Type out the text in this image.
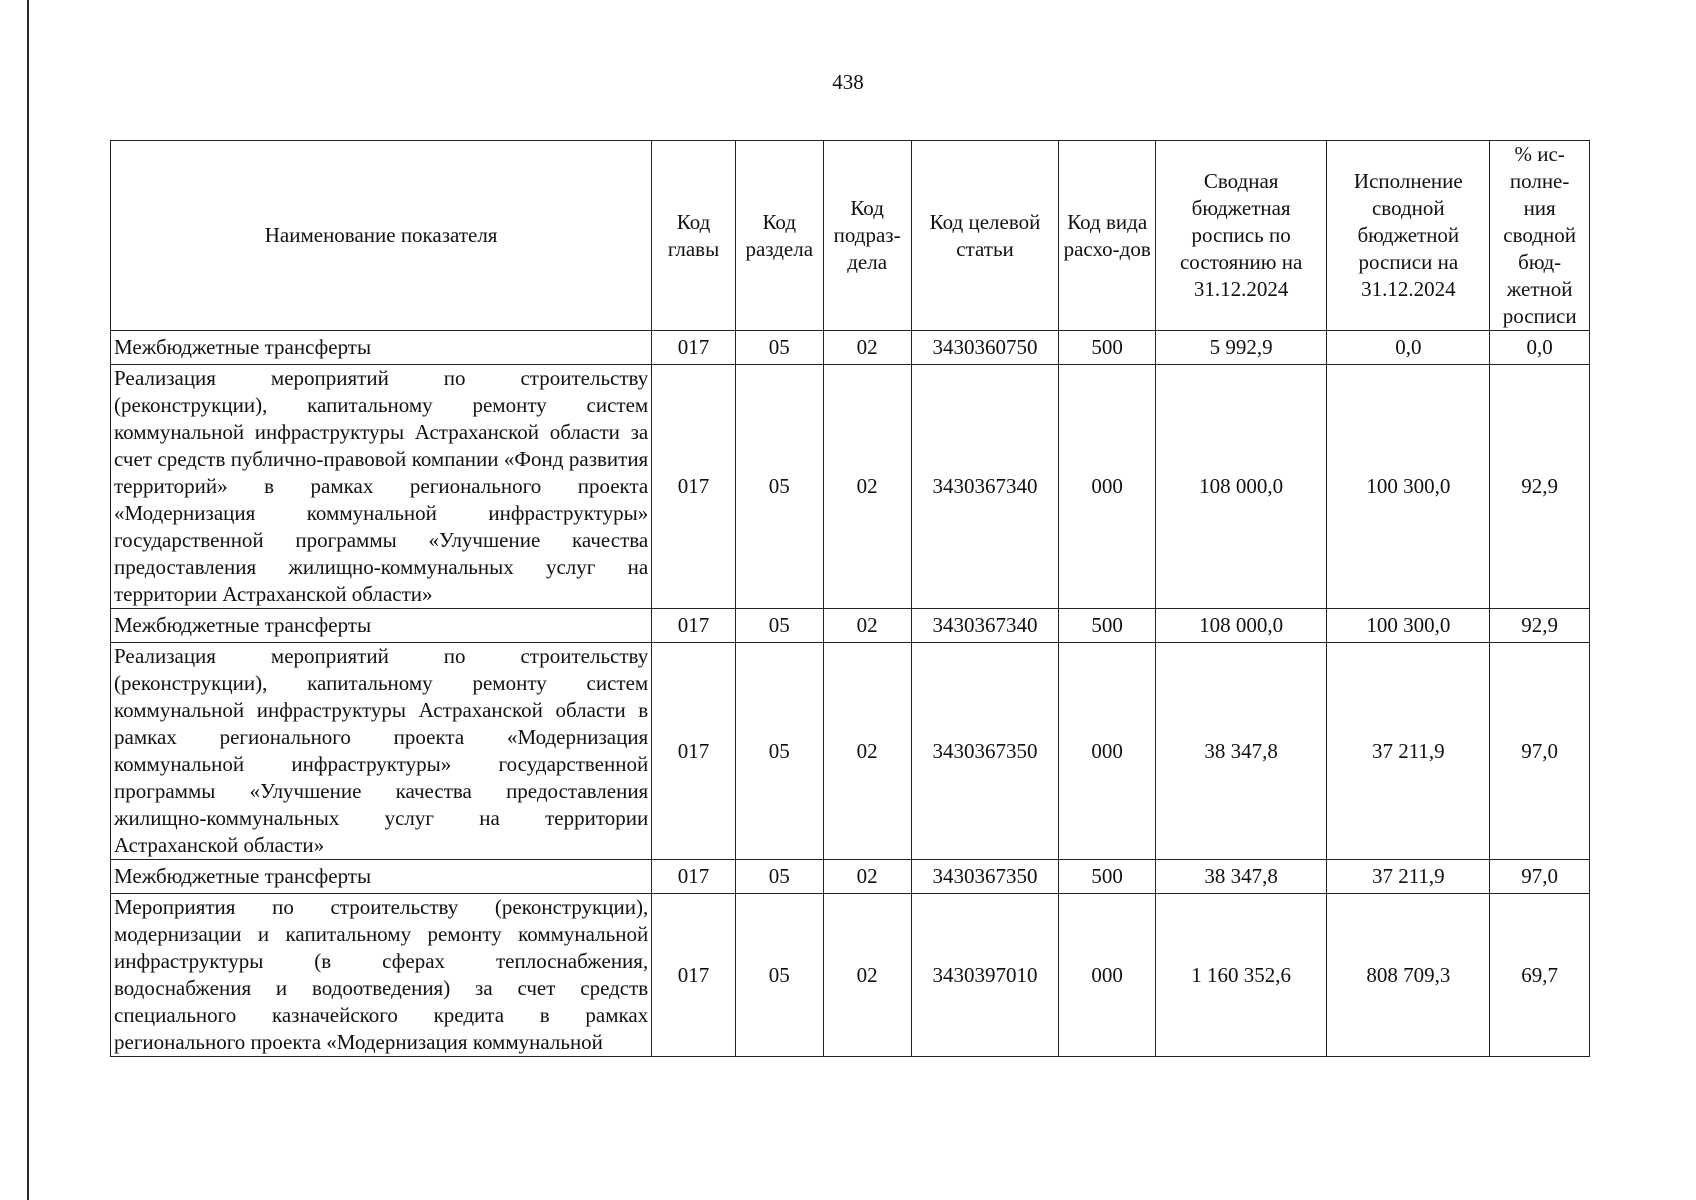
438
Наименование показателя	Код главы	Код раздела	Код подраз-дела	Код целевой статьи	Код вида расхо-дов	Сводная бюджетная роспись по состоянию на 31.12.2024	Исполнение сводной бюджетной росписи на 31.12.2024	% ис-полне-ния сводной бюд-жетной росписи
Межбюджетные трансферты	017	05	02	3430360750	500	5 992,9	0,0	0,0
Реализация мероприятий по строительству (реконструкции), капитальному ремонту систем коммунальной инфраструктуры Астраханской области за счет средств публично-правовой компании «Фонд развития территорий» в рамках регионального проекта «Модернизация коммунальной инфраструктуры» государственной программы «Улучшение качества предоставления жилищно-коммунальных услуг на территории Астраханской области»	017	05	02	3430367340	000	108 000,0	100 300,0	92,9
Межбюджетные трансферты	017	05	02	3430367340	500	108 000,0	100 300,0	92,9
Реализация мероприятий по строительству (реконструкции), капитальному ремонту систем коммунальной инфраструктуры Астраханской области в рамках регионального проекта «Модернизация коммунальной инфраструктуры» государственной программы «Улучшение качества предоставления жилищно-коммунальных услуг на территории Астраханской области»	017	05	02	3430367350	000	38 347,8	37 211,9	97,0
Межбюджетные трансферты	017	05	02	3430367350	500	38 347,8	37 211,9	97,0
Мероприятия по строительству (реконструкции), модернизации и капитальному ремонту коммунальной инфраструктуры (в сферах теплоснабжения, водоснабжения и водоотведения) за счет средств специального казначейского кредита в рамках регионального проекта «Модернизация коммунальной	017	05	02	3430397010	000	1 160 352,6	808 709,3	69,7
